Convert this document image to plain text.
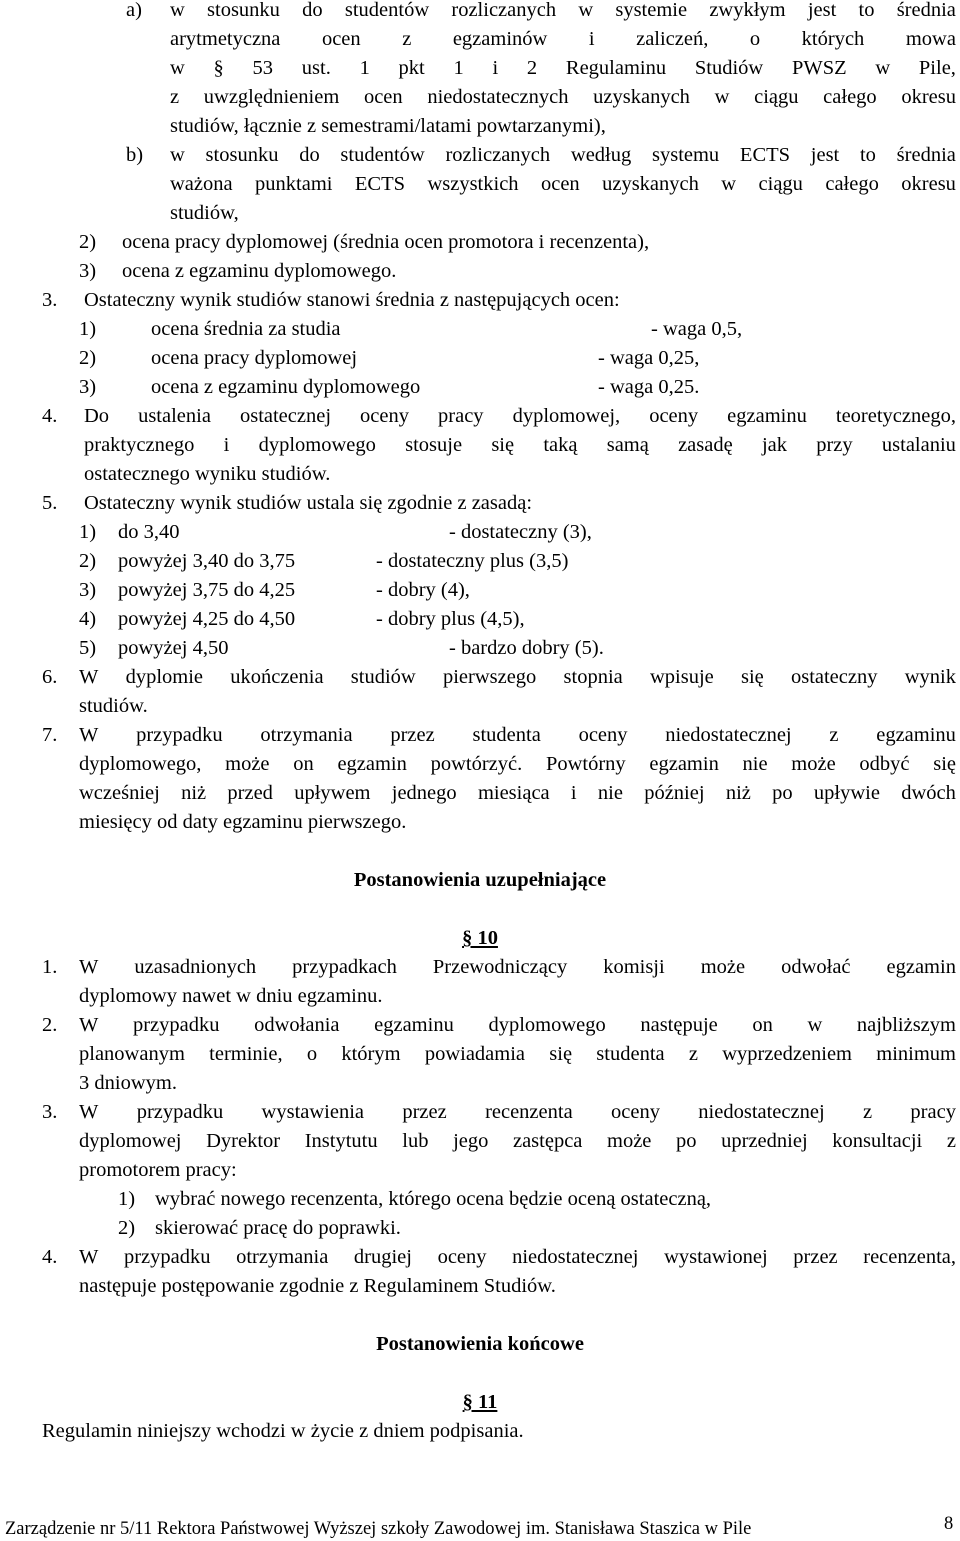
a) w stosunku do studentów rozliczanych w systemie zwykłym jest to średnia
arytmetyczna ocen z egzaminów i zaliczeń, o których mowa
w § 53 ust. 1 pkt 1 i 2 Regulaminu Studiów PWSZ w Pile,
z uwzględnieniem ocen niedostatecznych uzyskanych w ciągu całego okresu
studiów, łącznie z semestrami/latami powtarzanymi),
b) w stosunku do studentów rozliczanych według systemu ECTS jest to średnia
ważona punktami ECTS wszystkich ocen uzyskanych w ciągu całego okresu
studiów,
2) ocena pracy dyplomowej (średnia ocen promotora i recenzenta),
3) ocena z egzaminu dyplomowego.
3. Ostateczny wynik studiów stanowi średnia z następujących ocen:
1)	ocena średnia za studia	- waga 0,5,
2)	ocena pracy dyplomowej	- waga 0,25,
3)	ocena z egzaminu dyplomowego	- waga 0,25.
4. Do ustalenia ostatecznej oceny pracy dyplomowej, oceny egzaminu teoretycznego,
praktycznego i dyplomowego stosuje się taką samą zasadę jak przy ustalaniu
ostatecznego wyniku studiów.
5. Ostateczny wynik studiów ustala się zgodnie z zasadą:
1) do 3,40	- dostateczny (3),
2) powyżej 3,40 do 3,75	- dostateczny plus (3,5)
3) powyżej 3,75 do 4,25	- dobry (4),
4) powyżej 4,25 do 4,50	- dobry plus (4,5),
5) powyżej 4,50	- bardzo dobry (5).
6. W dyplomie ukończenia studiów pierwszego stopnia wpisuje się ostateczny wynik
studiów.
7. W przypadku otrzymania przez studenta oceny niedostatecznej z egzaminu
dyplomowego, może on egzamin powtórzyć. Powtórny egzamin nie może odbyć się
wcześniej niż przed upływem jednego miesiąca i nie później niż po upływie dwóch
miesięcy od daty egzaminu pierwszego.
Postanowienia uzupełniające
§ 10
1. W uzasadnionych przypadkach Przewodniczący komisji może odwołać egzamin
dyplomowy nawet w dniu egzaminu.
2. W przypadku odwołania egzaminu dyplomowego następuje on w najbliższym
planowanym terminie, o którym powiadamia się studenta z wyprzedzeniem minimum
3 dniowym.
3. W przypadku wystawienia przez recenzenta oceny niedostatecznej z pracy
dyplomowej Dyrektor Instytutu lub jego zastępca może po uprzedniej konsultacji z
promotorem pracy:
1) wybrać nowego recenzenta, którego ocena będzie oceną ostateczną,
2) skierować pracę do poprawki.
4. W przypadku otrzymania drugiej oceny niedostatecznej wystawionej przez recenzenta,
następuje postępowanie zgodnie z Regulaminem Studiów.
Postanowienia końcowe
§ 11
Regulamin niniejszy wchodzi w życie z dniem podpisania.
Zarządzenie nr 5/11 Rektora Państwowej Wyższej szkoły Zawodowej im. Stanisława Staszica w Pile	8
